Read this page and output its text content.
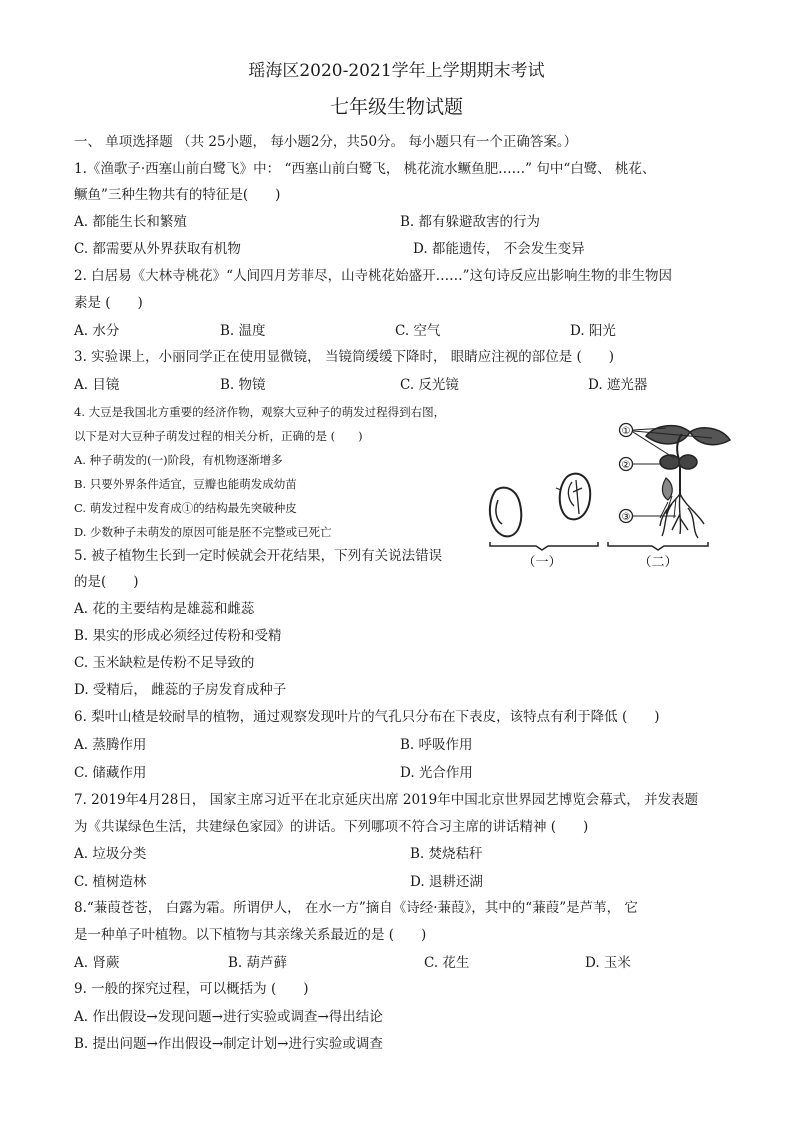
瑶海区2020-2021学年上学期期末考试
七年级生物试题
一、 单项选择题 （共 25小题， 每小题2分，共50分。 每小题只有一个正确答案。）
1.《渔歌子·西塞山前白鹭飞》中： “西塞山前白鹭飞， 桃花流水鳜鱼肥……” 句中“白鹭、 桃花、
鳜鱼”三种生物共有的特征是(　　)
A. 都能生长和繁殖	B. 都有躲避敌害的行为
C. 都需要从外界获取有机物	D. 都能遗传， 不会发生变异
2. 白居易《大林寺桃花》“人间四月芳菲尽，山寺桃花始盛开……”这句诗反应出影响生物的非生物因
素是 (　　)
A. 水分	B. 温度	C. 空气	D. 阳光
3. 实验课上，小丽同学正在使用显微镜， 当镜筒缓缓下降时， 眼睛应注视的部位是 (　　)
A. 目镜	B. 物镜	C. 反光镜	D. 遮光器
4. 大豆是我国北方重要的经济作物，观察大豆种子的萌发过程得到右图，
以下是对大豆种子萌发过程的相关分析，正确的是 (　　)
A. 种子萌发的(一)阶段，有机物逐渐增多
B. 只要外界条件适宜，豆瓣也能萌发成幼苗
C. 萌发过程中发育成①的结构最先突破种皮
D. 少数种子未萌发的原因可能是胚不完整或已死亡
①
②
③
（一）	（二）
5. 被子植物生长到一定时候就会开花结果，下列有关说法错误
的是(　　)
A. 花的主要结构是雄蕊和雌蕊
B. 果实的形成必须经过传粉和受精
C. 玉米缺粒是传粉不足导致的
D. 受精后， 雌蕊的子房发育成种子
6. 梨叶山楂是较耐旱的植物，通过观察发现叶片的气孔只分布在下表皮，该特点有利于降低 (　　)
A. 蒸腾作用	B. 呼吸作用
C. 储藏作用	D. 光合作用
7. 2019年4月28日， 国家主席习近平在北京延庆出席 2019年中国北京世界园艺博览会幕式， 并发表题
为《共谋绿色生活，共建绿色家园》的讲话。下列哪项不符合习主席的讲话精神 (　　)
A. 垃圾分类	B. 焚烧秸秆
C. 植树造林	D. 退耕还湖
8.“蒹葭苍苍， 白露为霜。所谓伊人， 在水一方”摘自《诗经·蒹葭》，其中的“蒹葭”是芦苇， 它
是一种单子叶植物。以下植物与其亲缘关系最近的是 (　　)
A. 肾蕨	B. 葫芦藓	C. 花生	D. 玉米
9. 一般的探究过程，可以概括为 (　　)
A. 作出假设→发现问题→进行实验或调查→得出结论
B. 提出问题→作出假设→制定计划→进行实验或调查
